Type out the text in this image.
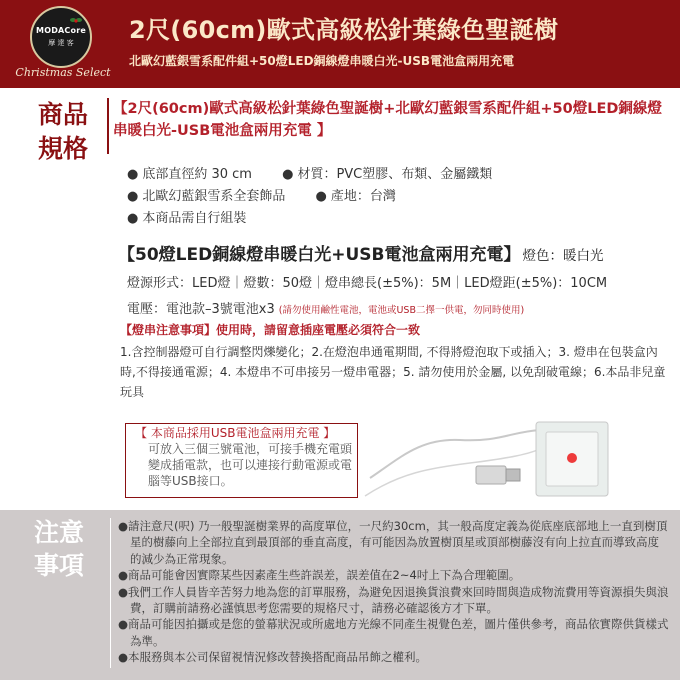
MODACore
摩 達 客
Christmas Select
2尺(60cm)歐式高級松針葉綠色聖誕樹
北歐幻藍銀雪系配件組+50燈LED銅線燈串暖白光-USB電池盒兩用充電
商品
規格
【2尺(60cm)歐式高級松針葉綠色聖誕樹+北歐幻藍銀雪系配件組+50燈LED銅線燈串暖白光-USB電池盒兩用充電 】
● 底部直徑約 30 cm ● 材質：PVC塑膠、布類、金屬鐵類
● 北歐幻藍銀雪系全套飾品 ● 產地：台灣
● 本商品需自行組裝
【50燈LED銅線燈串暖白光+USB電池盒兩用充電】 燈色：暖白光
燈源形式：LED燈｜燈數：50燈｜燈串總長(±5%)：5M｜LED燈距(±5%)：10CM
電壓：電池款–3號電池x3 (請勿使用鹼性電池，電池或USB二擇一供電，勿同時使用)
【燈串注意事項】使用時，請留意插座電壓必須符合一致
1.含控制器燈可自行調整閃爍變化；2.在燈泡串通電期間, 不得將燈泡取下或插入；3. 燈串在包裝盒內時,不得接通電源；4. 本燈串不可串接另一燈串電器；5. 請勿使用於金屬, 以免刮破電線；6.本品非兒童玩具
【 本商品採用USB電池盒兩用充電 】
可放入三個三號電池，可接手機充電頭變成插電款，也可以連接行動電源或電腦等USB接口。
注意
事項
●請注意尺(呎) 乃一般聖誕樹業界的高度單位，一尺約30cm，其一般高度定義為從底座底部地上一直到樹頂星的樹藤向上全部拉直到最頂部的垂直高度，有可能因為放置樹頂星或頂部樹藤沒有向上拉直而導致高度的減少為正常現象。
●商品可能會因實際某些因素產生些許誤差，誤差值在2~4吋上下為合理範圍。
●我們工作人員皆辛苦努力地為您的訂單服務，為避免因退換貨浪費來回時間與造成物流費用等資源損失與浪費，訂購前請務必謹慎思考您需要的規格尺寸，請務必確認後方才下單。
●商品可能因拍攝或是您的螢幕狀況或所處地方光線不同產生視覺色差，圖片僅供參考，商品依實際供貨樣式為準。
●本服務與本公司保留視情況修改替換搭配商品吊飾之權利。
